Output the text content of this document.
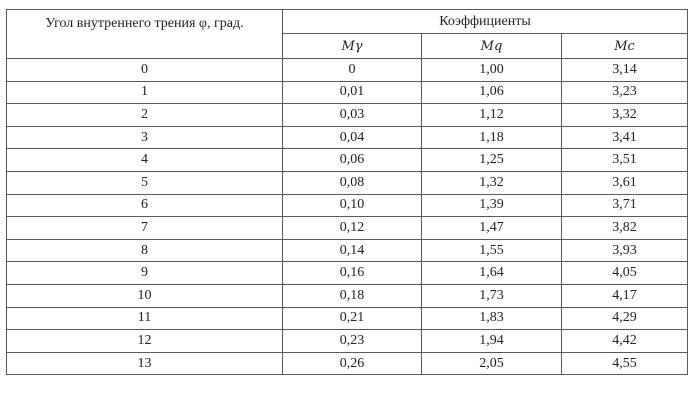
Угол внутреннего трения φ, град.	Коэффициенты		
	Mγ	Mq	Mc
0	0	1,00	3,14
1	0,01	1,06	3,23
2	0,03	1,12	3,32
3	0,04	1,18	3,41
4	0,06	1,25	3,51
5	0,08	1,32	3,61
6	0,10	1,39	3,71
7	0,12	1,47	3,82
8	0,14	1,55	3,93
9	0,16	1,64	4,05
10	0,18	1,73	4,17
11	0,21	1,83	4,29
12	0,23	1,94	4,42
13	0,26	2,05	4,55
